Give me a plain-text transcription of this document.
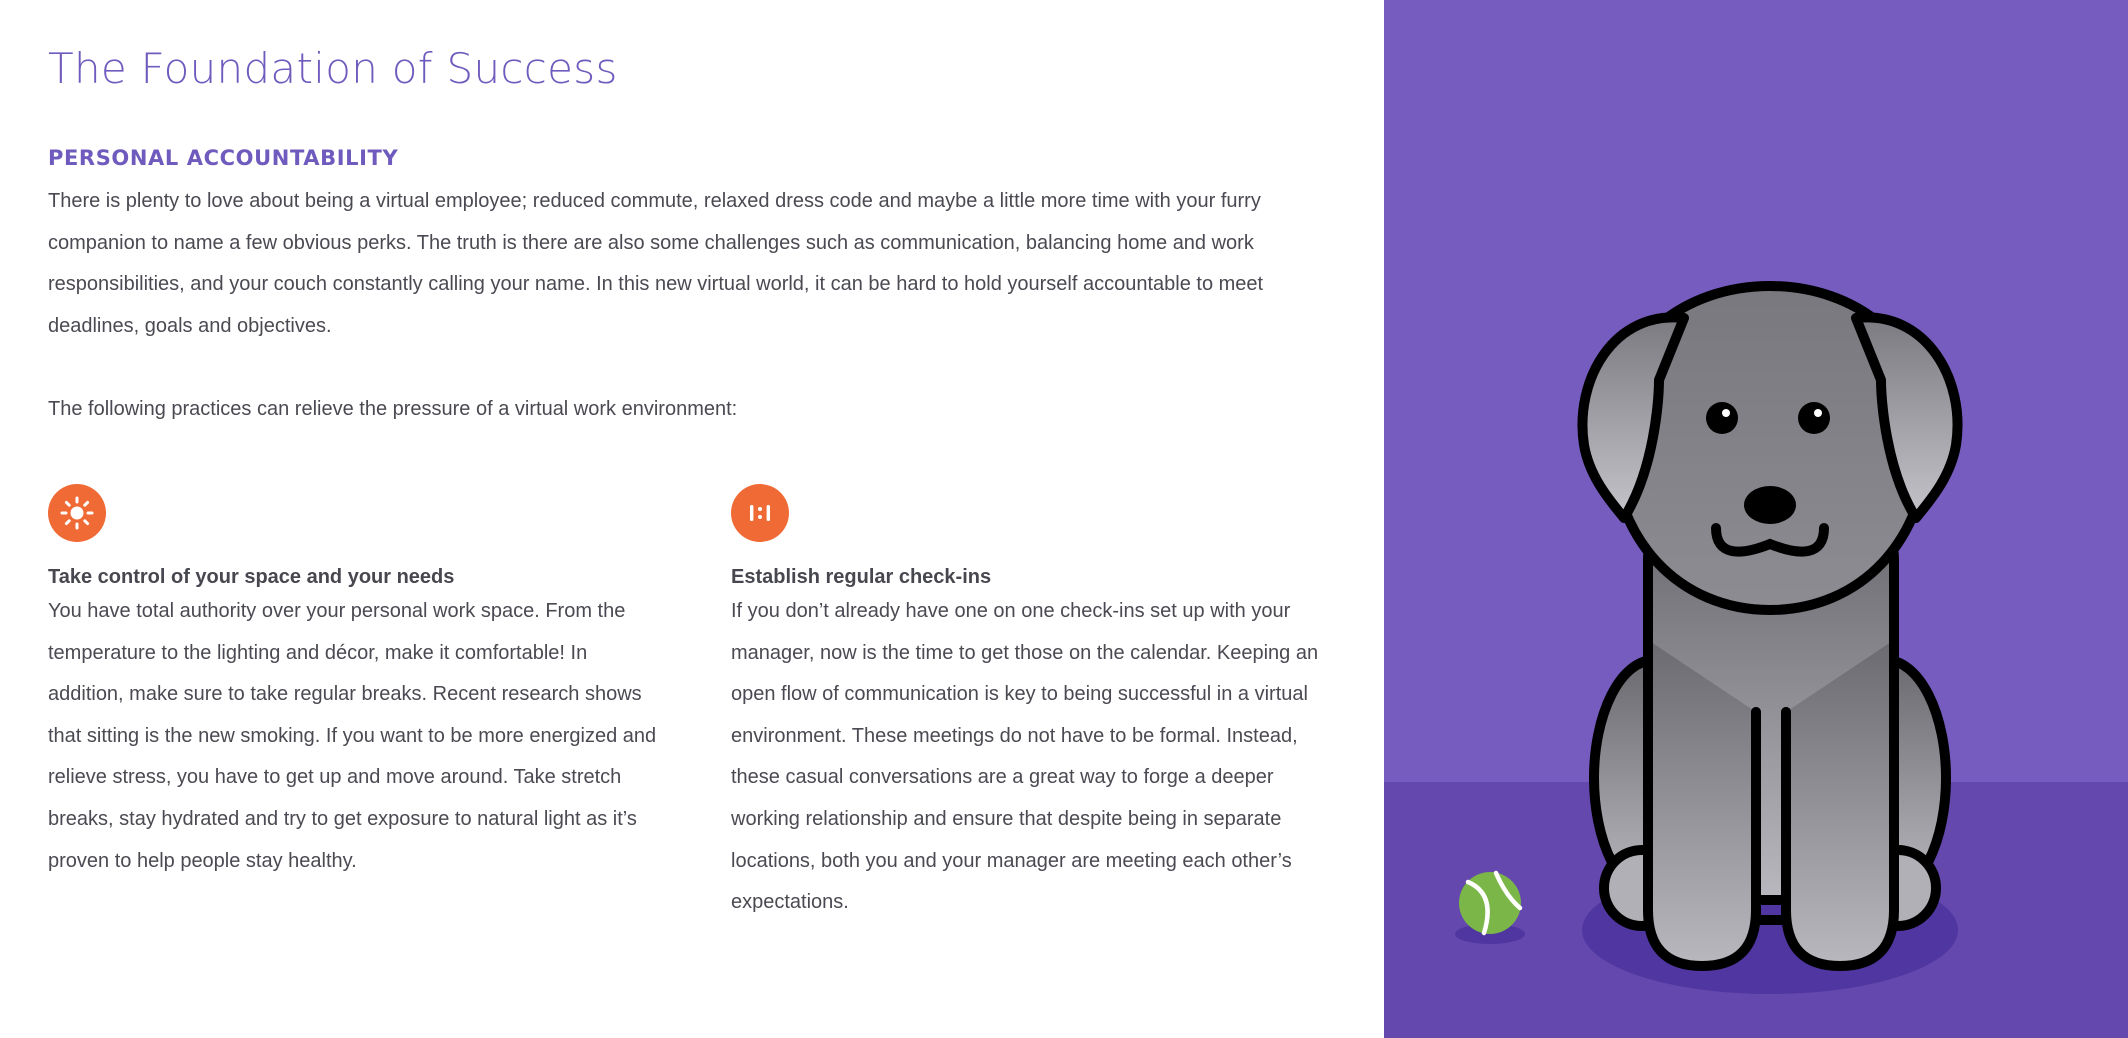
The Foundation of Success
PERSONAL ACCOUNTABILITY

There is plenty to love about being a virtual employee; reduced commute, relaxed dress code and maybe a little more time with your furry companion to name a few obvious perks. The truth is there are also some challenges such as communication, balancing home and work responsibilities, and your couch constantly calling your name. In this new virtual world, it can be hard to hold yourself accountable to meet deadlines, goals and objectives.

The following practices can relieve the pressure of a virtual work environment:

Take control of your space and your needs

You have total authority over your personal work space. From the temperature to the lighting and décor, make it comfortable! In addition, make sure to take regular breaks. Recent research shows that sitting is the new smoking. If you want to be more energized and relieve stress, you have to get up and move around. Take stretch breaks, stay hydrated and try to get exposure to natural light as it’s proven to help people stay healthy.

Establish regular check-ins

If you don’t already have one on one check-ins set up with your manager, now is the time to get those on the calendar. Keeping an open flow of communication is key to being successful in a virtual environment. These meetings do not have to be formal. Instead, these casual conversations are a great way to forge a deeper working relationship and ensure that despite being in separate locations, both you and your manager are meeting each other’s expectations.
